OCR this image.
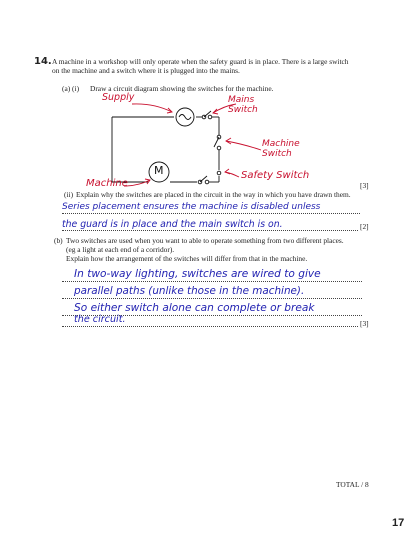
14. A machine in a workshop will only operate when the safety guard is in place. There is a large switch
on the machine and a switch where it is plugged into the mains.
(a) (i) Draw a circuit diagram showing the switches for the machine.
M
Supply	Mains
Switch
Machine
Switch
Safety Switch
Machine	[3]
(ii) Explain why the switches are placed in the circuit in the way in which you have drawn them.
Series placement ensures the machine is disabled unless
the guard is in place and the main switch is on.	[2]
(b) Two switches are used when you want to able to operate something from two different places.
(eg a light at each end of a corridor).
Explain how the arrangement of the switches will differ from that in the machine.
In two-way lighting, switches are wired to give
parallel paths (unlike those in the machine).
So either switch alone can complete or break
the circuit.	[3]
TOTAL / 8
17
